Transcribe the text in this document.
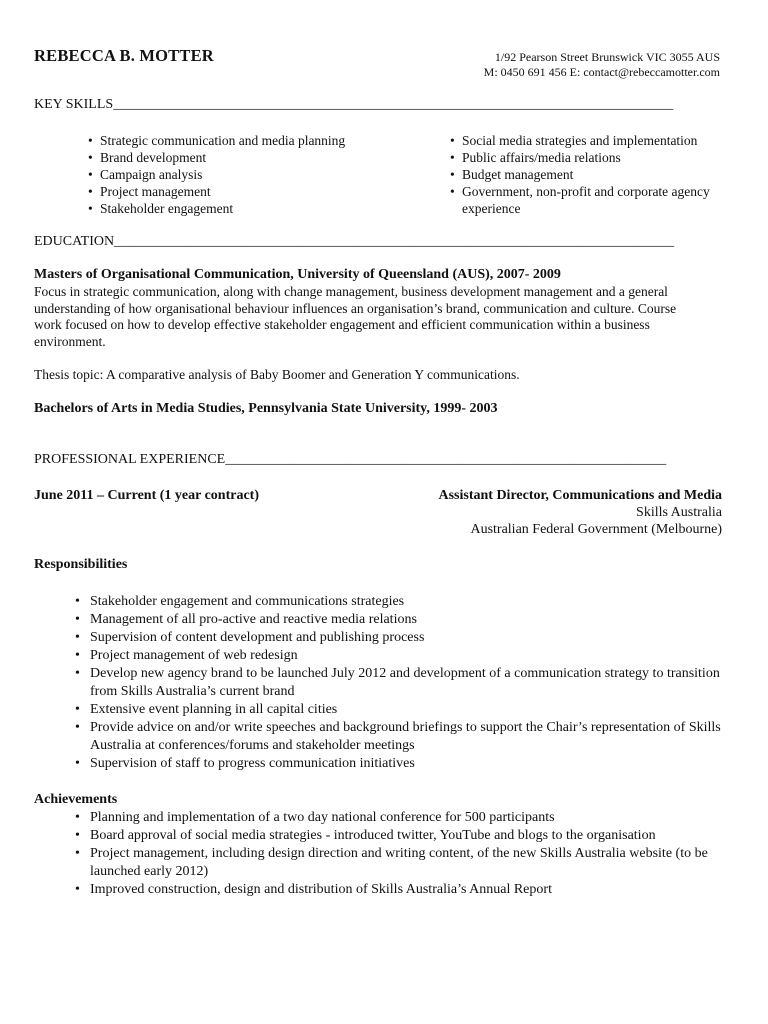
REBECCA B. MOTTER	1/92 Pearson Street Brunswick VIC 3055 AUS
M: 0450 691 456 E: contact@rebeccamotter.com
KEY SKILLS________________________________________________________________________________
• Strategic communication and media planning
• Brand development
• Campaign analysis
• Project management
• Stakeholder engagement
• Social media strategies and implementation
• Public affairs/media relations
• Budget management
• Government, non-profit and corporate agency experience
EDUCATION________________________________________________________________________________
Masters of Organisational Communication, University of Queensland (AUS), 2007- 2009
Focus in strategic communication, along with change management, business development management and a general understanding of how organisational behaviour influences an organisation’s brand, communication and culture. Course work focused on how to develop effective stakeholder engagement and efficient communication within a business environment.
Thesis topic: A comparative analysis of Baby Boomer and Generation Y communications.
Bachelors of Arts in Media Studies, Pennsylvania State University, 1999- 2003
PROFESSIONAL EXPERIENCE_______________________________________________________________
June 2011 – Current (1 year contract)	Assistant Director, Communications and Media
Skills Australia
Australian Federal Government (Melbourne)
Responsibilities
• Stakeholder engagement and communications strategies
• Management of all pro-active and reactive media relations
• Supervision of content development and publishing process
• Project management of web redesign
• Develop new agency brand to be launched July 2012 and development of a communication strategy to transition from Skills Australia’s current brand
• Extensive event planning in all capital cities
• Provide advice on and/or write speeches and background briefings to support the Chair’s representation of Skills Australia at conferences/forums and stakeholder meetings
• Supervision of staff to progress communication initiatives
Achievements
• Planning and implementation of a two day national conference for 500 participants
• Board approval of social media strategies - introduced twitter, YouTube and blogs to the organisation
• Project management, including design direction and writing content, of the new Skills Australia website (to be launched early 2012)
• Improved construction, design and distribution of Skills Australia’s Annual Report
